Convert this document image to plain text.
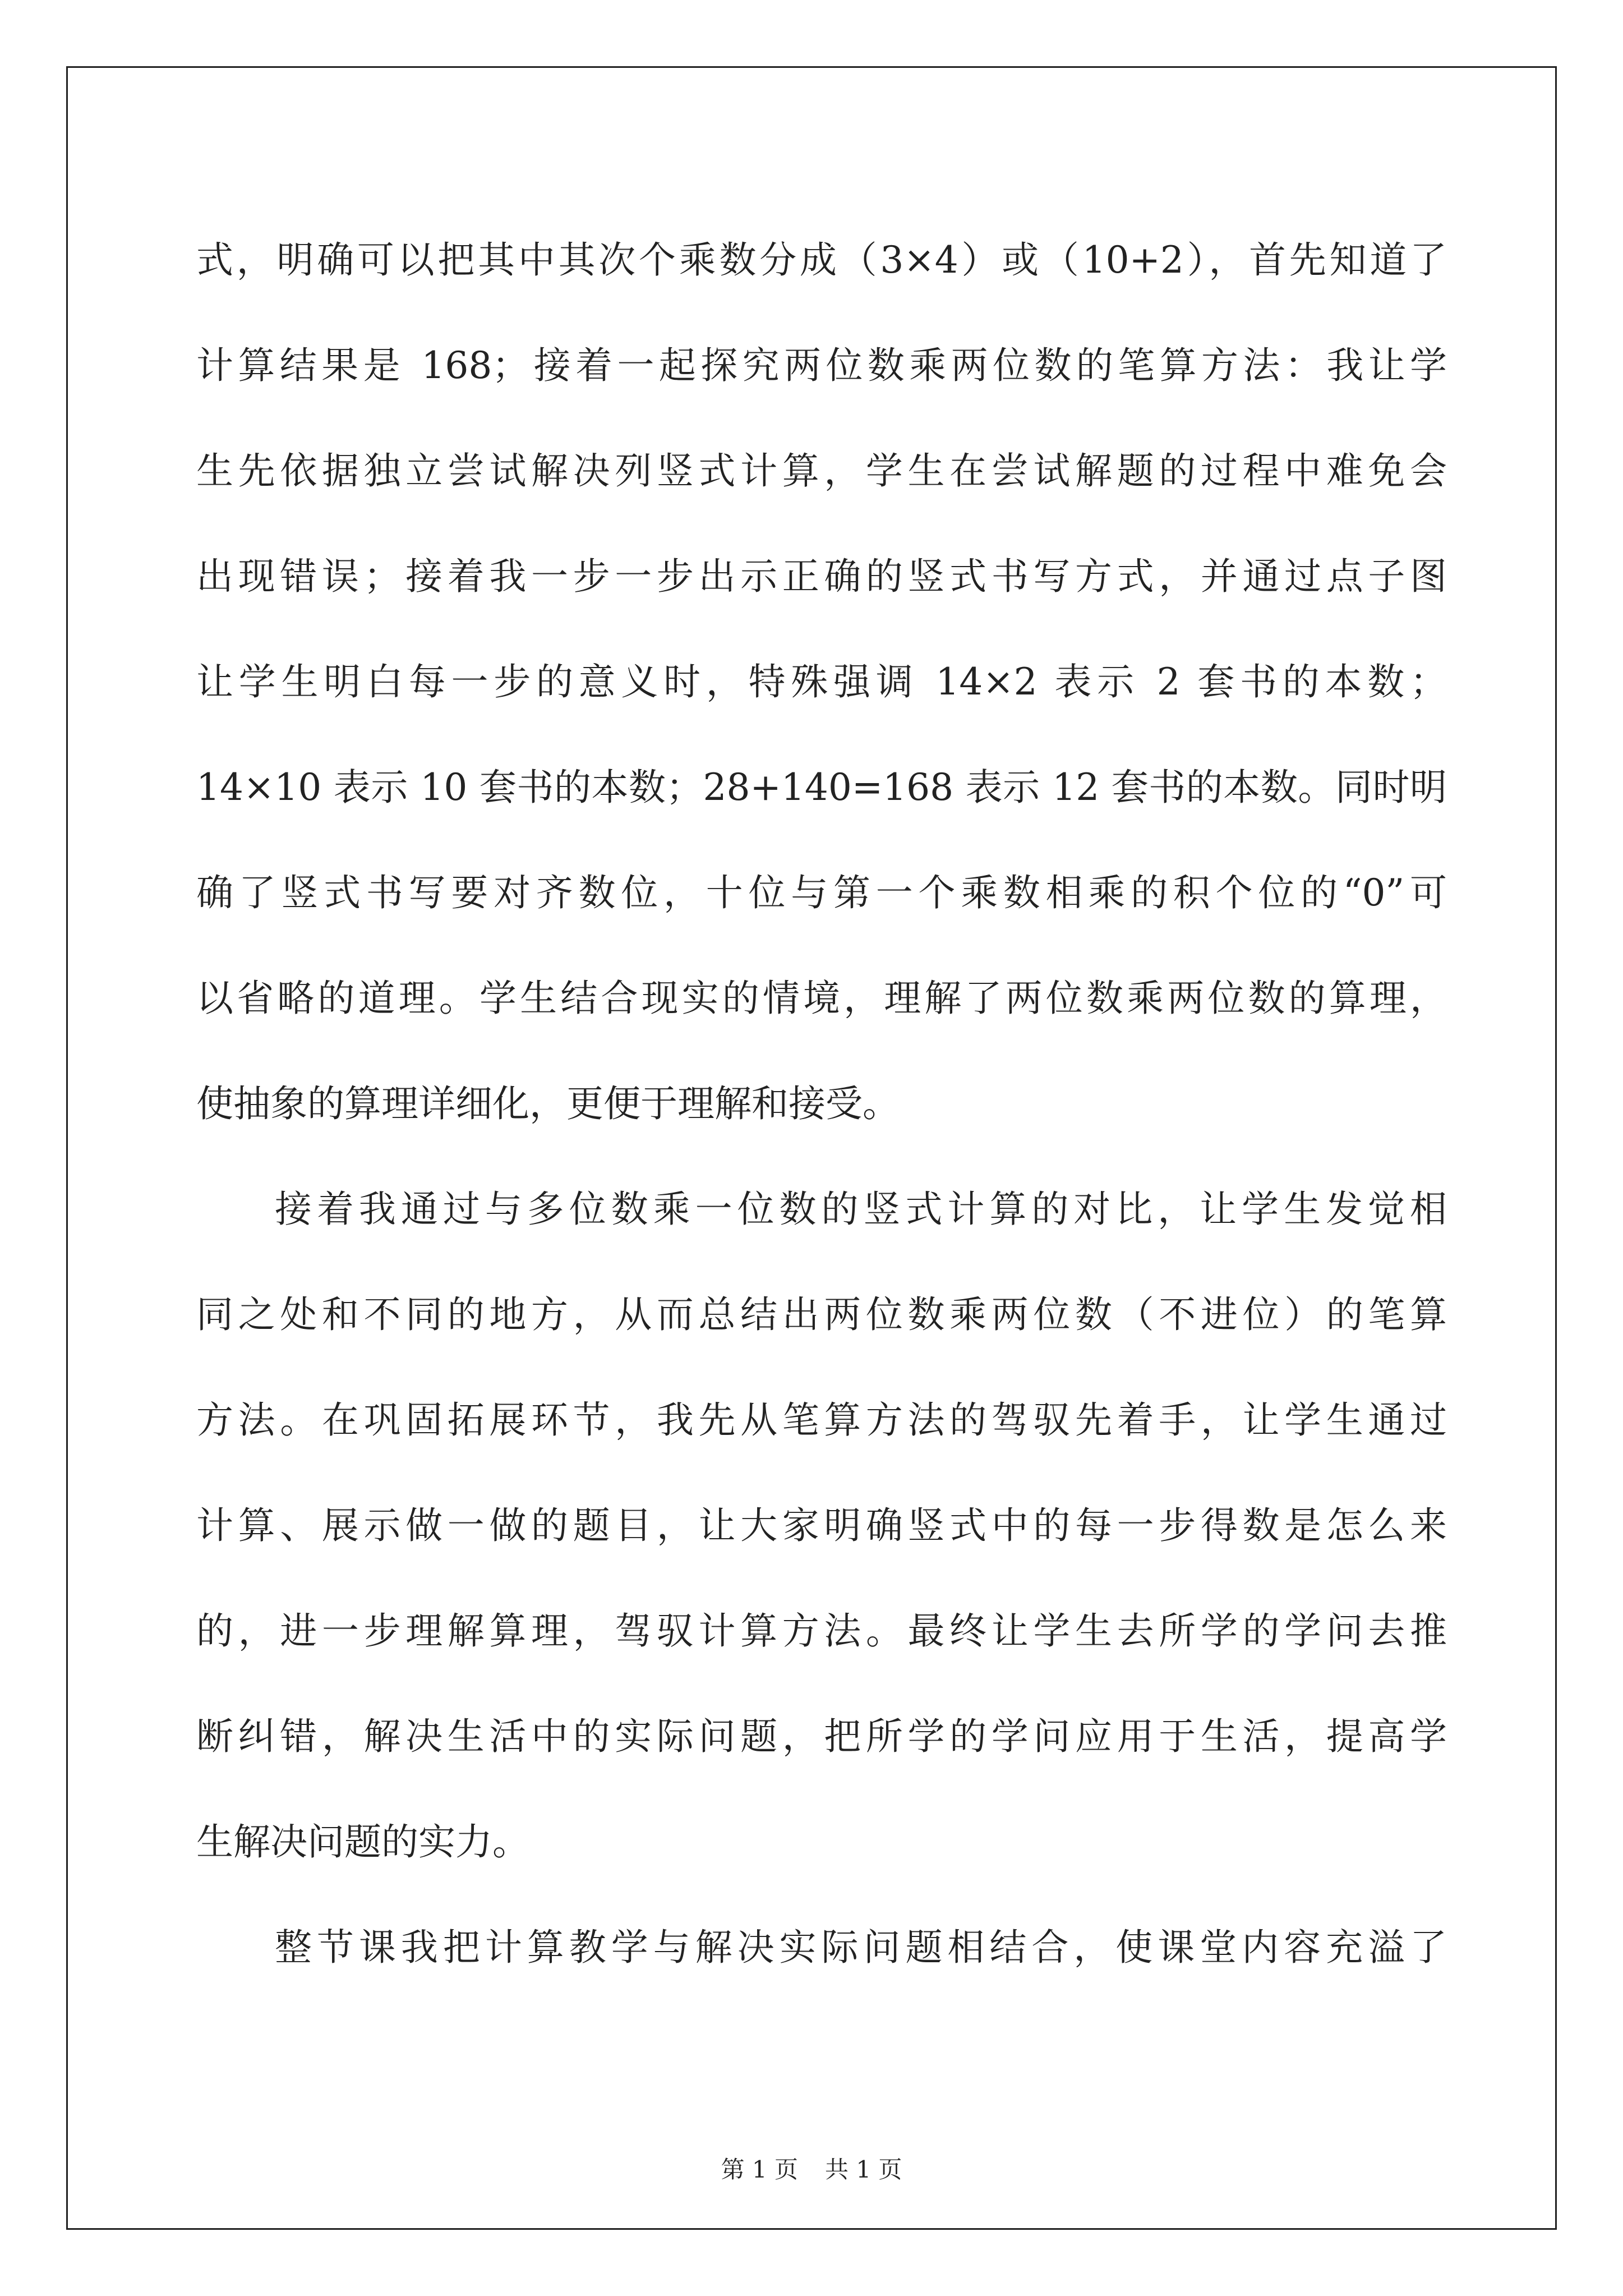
式，明确可以把其中其次个乘数分成（3×4）或（10+2），首先知道了
计算结果是 168；接着一起探究两位数乘两位数的笔算方法：我让学
生先依据独立尝试解决列竖式计算，学生在尝试解题的过程中难免会
出现错误；接着我一步一步出示正确的竖式书写方式，并通过点子图
让学生明白每一步的意义时，特殊强调 14×2 表示 2 套书的本数；
14×10 表示 10 套书的本数；28+140=168 表示 12 套书的本数。同时明
确了竖式书写要对齐数位，十位与第一个乘数相乘的积个位的“0”可
以省略的道理。学生结合现实的情境，理解了两位数乘两位数的算理，
使抽象的算理详细化，更便于理解和接受。
接着我通过与多位数乘一位数的竖式计算的对比，让学生发觉相
同之处和不同的地方，从而总结出两位数乘两位数（不进位）的笔算
方法。在巩固拓展环节，我先从笔算方法的驾驭先着手，让学生通过
计算、展示做一做的题目，让大家明确竖式中的每一步得数是怎么来
的，进一步理解算理，驾驭计算方法。最终让学生去所学的学问去推
断纠错，解决生活中的实际问题，把所学的学问应用于生活，提高学
生解决问题的实力。
整节课我把计算教学与解决实际问题相结合，使课堂内容充溢了
第 1 页 共 1 页
